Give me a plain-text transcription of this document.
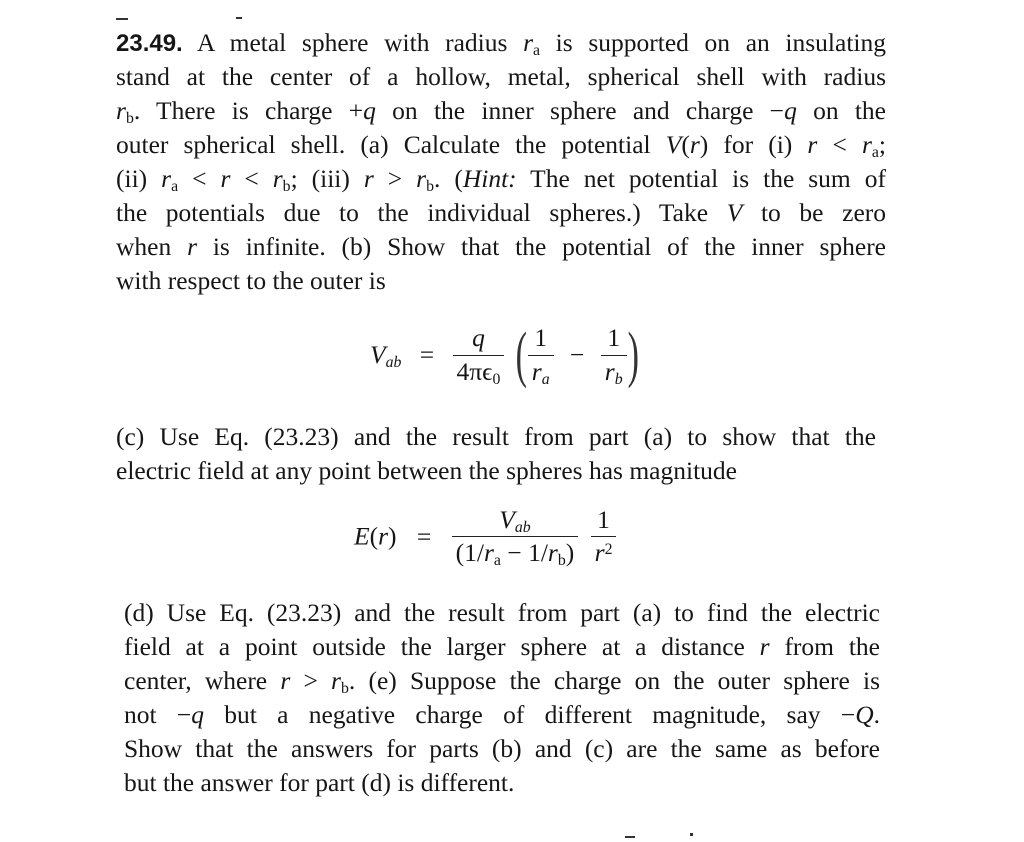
23.49. A metal sphere with radius $r_a$ is supported on an insulating
stand at the center of a hollow, metal, spherical shell with radius
$r_b$. There is charge +q on the inner sphere and charge −q on the
outer spherical shell. (a) Calculate the potential V(r) for (i) $r < r_a$;
(ii) $r_a < r < r_b$; (iii) $r > r_b$. (Hint: The net potential is the sum of
the potentials due to the individual spheres.) Take V to be zero
when r is infinite. (b) Show that the potential of the inner sphere
with respect to the outer is
$V_{ab} = \frac{q}{4\pi\epsilon_0}$ ( $\frac{1}{r_a} - \frac{1}{r_b}$ )
(c) Use Eq. (23.23) and the result from part (a) to show that the
electric field at any point between the spheres has magnitude
$E(r) = \frac{V_{ab}}{(1/r_a - 1/r_b)}$
$\frac{1}{r^2}$
(d) Use Eq. (23.23) and the result from part (a) to find the electric
field at a point outside the larger sphere at a distance r from the
center, where $r > r_b$. (e) Suppose the charge on the outer sphere is
not −q but a negative charge of different magnitude, say −Q.
Show that the answers for parts (b) and (c) are the same as before
but the answer for part (d) is different.
